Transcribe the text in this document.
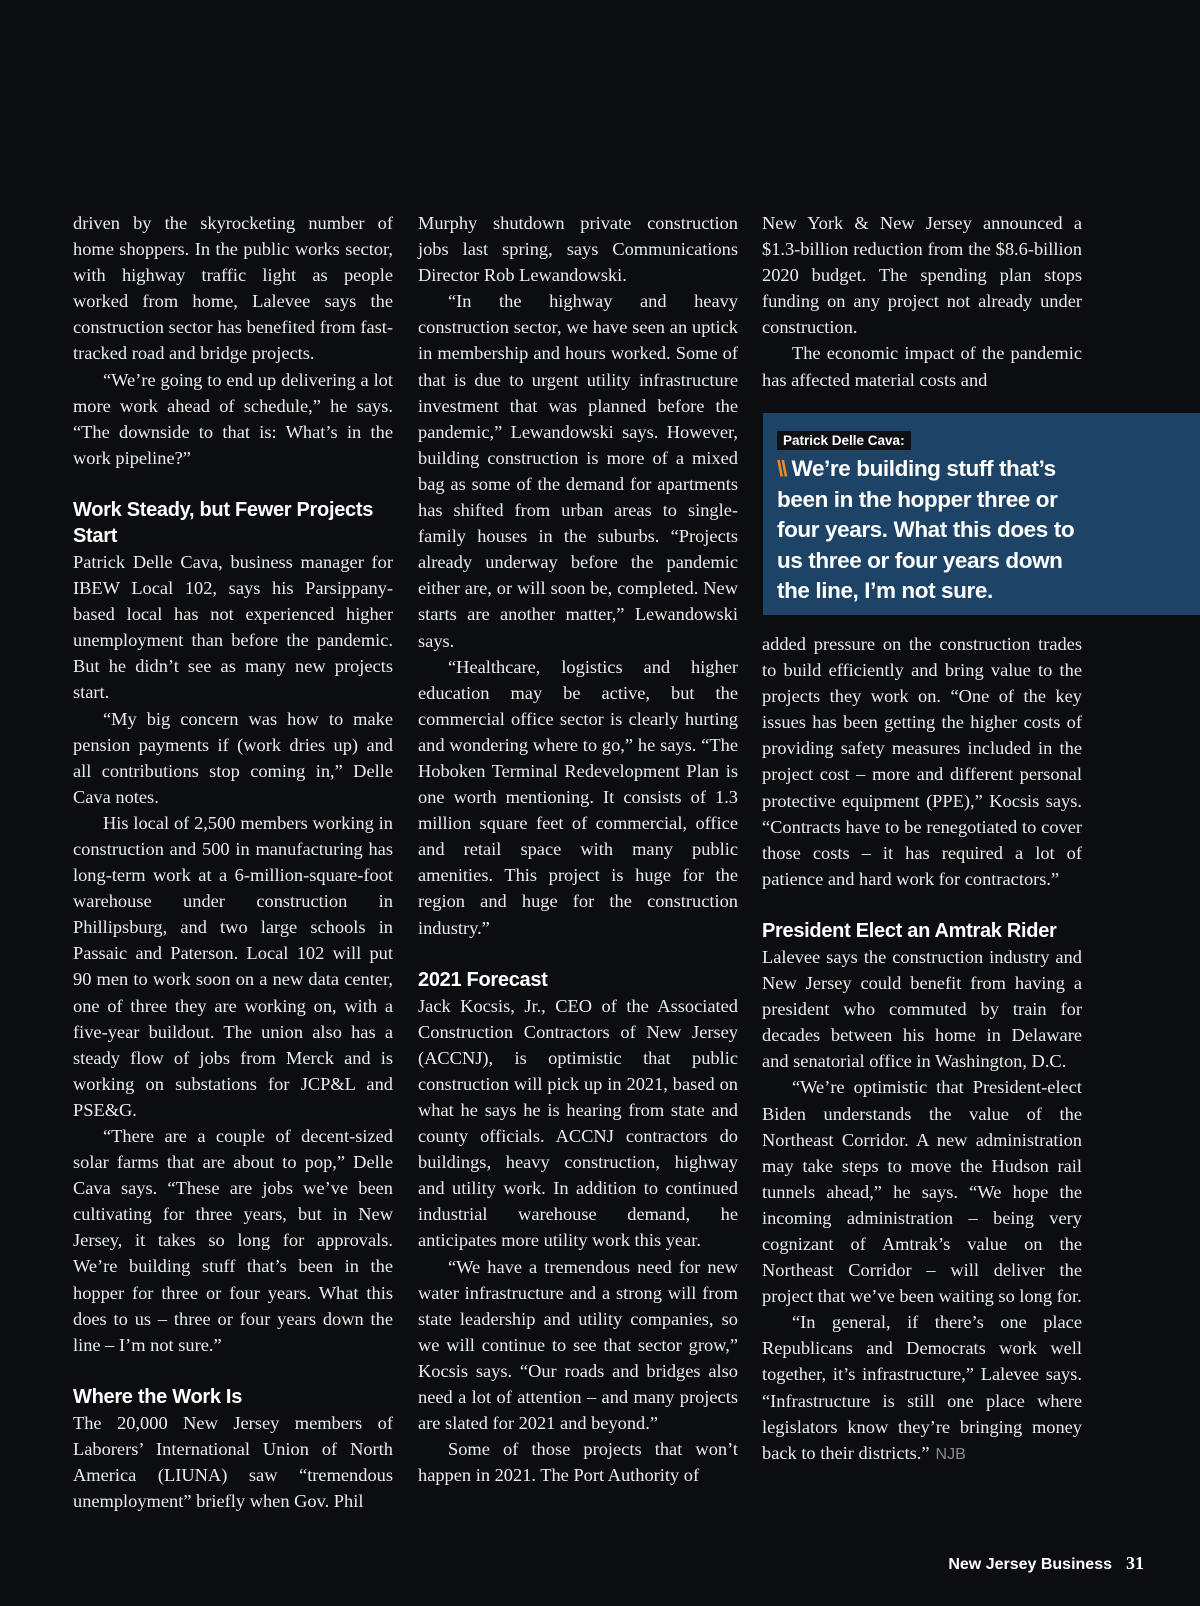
driven by the skyrocketing number of home shoppers. In the public works sector, with highway traffic light as people worked from home, Lalevee says the construction sector has benefited from fast-tracked road and bridge projects.

“We’re going to end up delivering a lot more work ahead of schedule,” he says. “The downside to that is: What’s in the work pipeline?”

Work Steady, but Fewer Projects Start

Patrick Delle Cava, business manager for IBEW Local 102, says his Parsippany-based local has not experienced higher unemployment than before the pandemic. But he didn’t see as many new projects start.

“My big concern was how to make pension payments if (work dries up) and all contributions stop coming in,” Delle Cava notes.

His local of 2,500 members working in construction and 500 in manufacturing has long-term work at a 6-million-square-foot warehouse under construction in Phillipsburg, and two large schools in Passaic and Paterson. Local 102 will put 90 men to work soon on a new data center, one of three they are working on, with a five-year buildout. The union also has a steady flow of jobs from Merck and is working on substations for JCP&L and PSE&G.

“There are a couple of decent-sized solar farms that are about to pop,” Delle Cava says. “These are jobs we’ve been cultivating for three years, but in New Jersey, it takes so long for approvals. We’re building stuff that’s been in the hopper for three or four years. What this does to us – three or four years down the line – I’m not sure.”

Where the Work Is

The 20,000 New Jersey members of Laborers’ International Union of North America (LIUNA) saw “tremendous unemployment” briefly when Gov. Phil

Murphy shutdown private construction jobs last spring, says Communications Director Rob Lewandowski.

“In the highway and heavy construction sector, we have seen an uptick in membership and hours worked. Some of that is due to urgent utility infrastructure investment that was planned before the pandemic,” Lewandowski says. However, building construction is more of a mixed bag as some of the demand for apartments has shifted from urban areas to single-family houses in the suburbs. “Projects already underway before the pandemic either are, or will soon be, completed. New starts are another matter,” Lewandowski says.

“Healthcare, logistics and higher education may be active, but the commercial office sector is clearly hurting and wondering where to go,” he says. “The Hoboken Terminal Redevelopment Plan is one worth mentioning. It consists of 1.3 million square feet of commercial, office and retail space with many public amenities. This project is huge for the region and huge for the construction industry.”

2021 Forecast

Jack Kocsis, Jr., CEO of the Associated Construction Contractors of New Jersey (ACCNJ), is optimistic that public construction will pick up in 2021, based on what he says he is hearing from state and county officials. ACCNJ contractors do buildings, heavy construction, highway and utility work. In addition to continued industrial warehouse demand, he anticipates more utility work this year.

“We have a tremendous need for new water infrastructure and a strong will from state leadership and utility companies, so we will continue to see that sector grow,” Kocsis says. “Our roads and bridges also need a lot of attention – and many projects are slated for 2021 and beyond.”

Some of those projects that won’t happen in 2021. The Port Authority of

New York & New Jersey announced a $1.3-billion reduction from the $8.6-billion 2020 budget. The spending plan stops funding on any project not already under construction.

The economic impact of the pandemic has affected material costs and

added pressure on the construction trades to build efficiently and bring value to the projects they work on. “One of the key issues has been getting the higher costs of providing safety measures included in the project cost – more and different personal protective equipment (PPE),” Kocsis says. “Contracts have to be renegotiated to cover those costs – it has required a lot of patience and hard work for contractors.”

President Elect an Amtrak Rider

Lalevee says the construction industry and New Jersey could benefit from having a president who commuted by train for decades between his home in Delaware and senatorial office in Washington, D.C.

“We’re optimistic that President-elect Biden understands the value of the Northeast Corridor. A new administration may take steps to move the Hudson rail tunnels ahead,” he says. “We hope the incoming administration – being very cognizant of Amtrak’s value on the Northeast Corridor – will deliver the project that we’ve been waiting so long for.

“In general, if there’s one place Republicans and Democrats work well together, it’s infrastructure,” Lalevee says. “Infrastructure is still one place where legislators know they’re bringing money back to their districts.” NJB

Patrick Delle Cava:
\\ We’re building stuff that’s been in the hopper three or four years. What this does to us three or four years down the line, I’m not sure.
New Jersey Business 31
